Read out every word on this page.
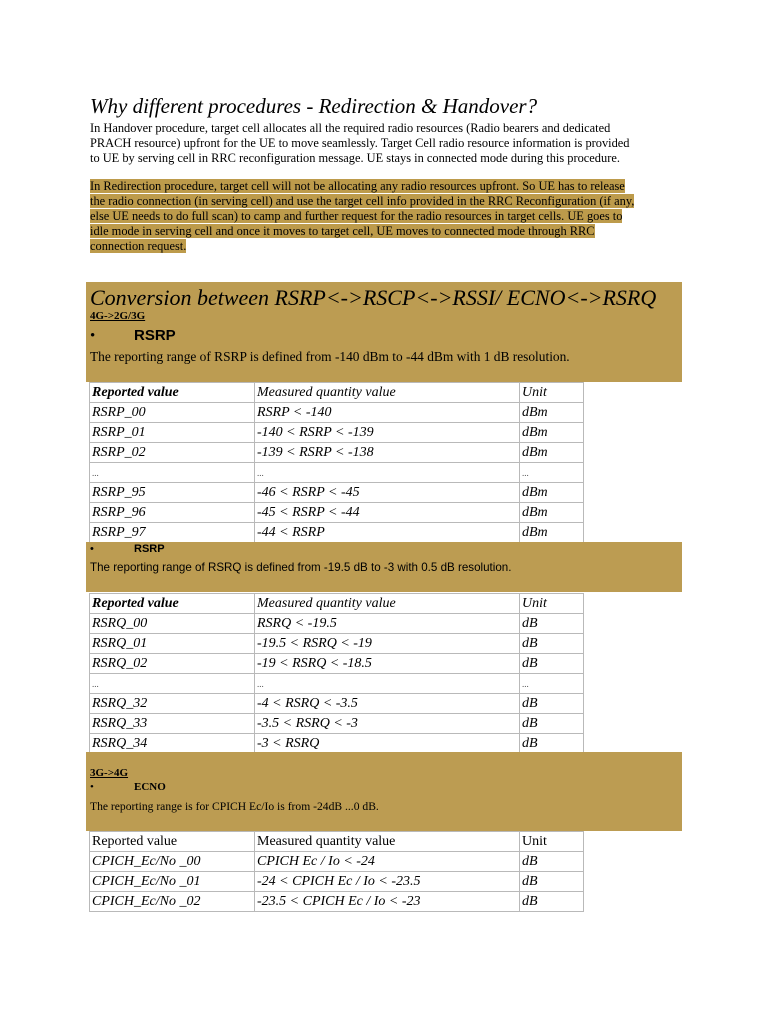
Why different procedures - Redirection & Handover?
In Handover procedure, target cell allocates all the required radio resources (Radio bearers and dedicated PRACH resource) upfront for the UE to move seamlessly. Target Cell radio resource information is provided to UE by serving cell in RRC reconfiguration message. UE stays in connected mode during this procedure.
In Redirection procedure, target cell will not be allocating any radio resources upfront. So UE has to release the radio connection (in serving cell) and use the target cell info provided in the RRC Reconfiguration (if any, else UE needs to do full scan) to camp and further request for the radio resources in target cells. UE goes to idle mode in serving cell and once it moves to target cell, UE moves to connected mode through RRC connection request.
Conversion between RSRP<->RSCP<->RSSI/ ECNO<->RSRQ
4G->2G/3G
•	RSRP
The reporting range of RSRP is defined from -140 dBm to -44 dBm with 1 dB resolution.
Reported value	Measured quantity value	Unit
RSRP_00	RSRP < -140	dBm
RSRP_01	-140 < RSRP < -139	dBm
RSRP_02	-139 < RSRP < -138	dBm
...	...	...
RSRP_95	-46 < RSRP < -45	dBm
RSRP_96	-45 < RSRP < -44	dBm
RSRP_97	-44 < RSRP	dBm
•	RSRP
The reporting range of RSRQ is defined from -19.5 dB to -3 with 0.5 dB resolution.
Reported value	Measured quantity value	Unit
RSRQ_00	RSRQ < -19.5	dB
RSRQ_01	-19.5 < RSRQ < -19	dB
RSRQ_02	-19 < RSRQ < -18.5	dB
...	...	...
RSRQ_32	-4 < RSRQ < -3.5	dB
RSRQ_33	-3.5 < RSRQ < -3	dB
RSRQ_34	-3 < RSRQ	dB
3G->4G
•	ECNO
The reporting range is for CPICH Ec/Io is from -24dB ...0 dB.
Reported value	Measured quantity value	Unit
CPICH_Ec/No _00	CPICH Ec / Io < -24	dB
CPICH_Ec/No _01	-24 < CPICH Ec / Io < -23.5	dB
CPICH_Ec/No _02	-23.5 < CPICH Ec / Io < -23	dB
